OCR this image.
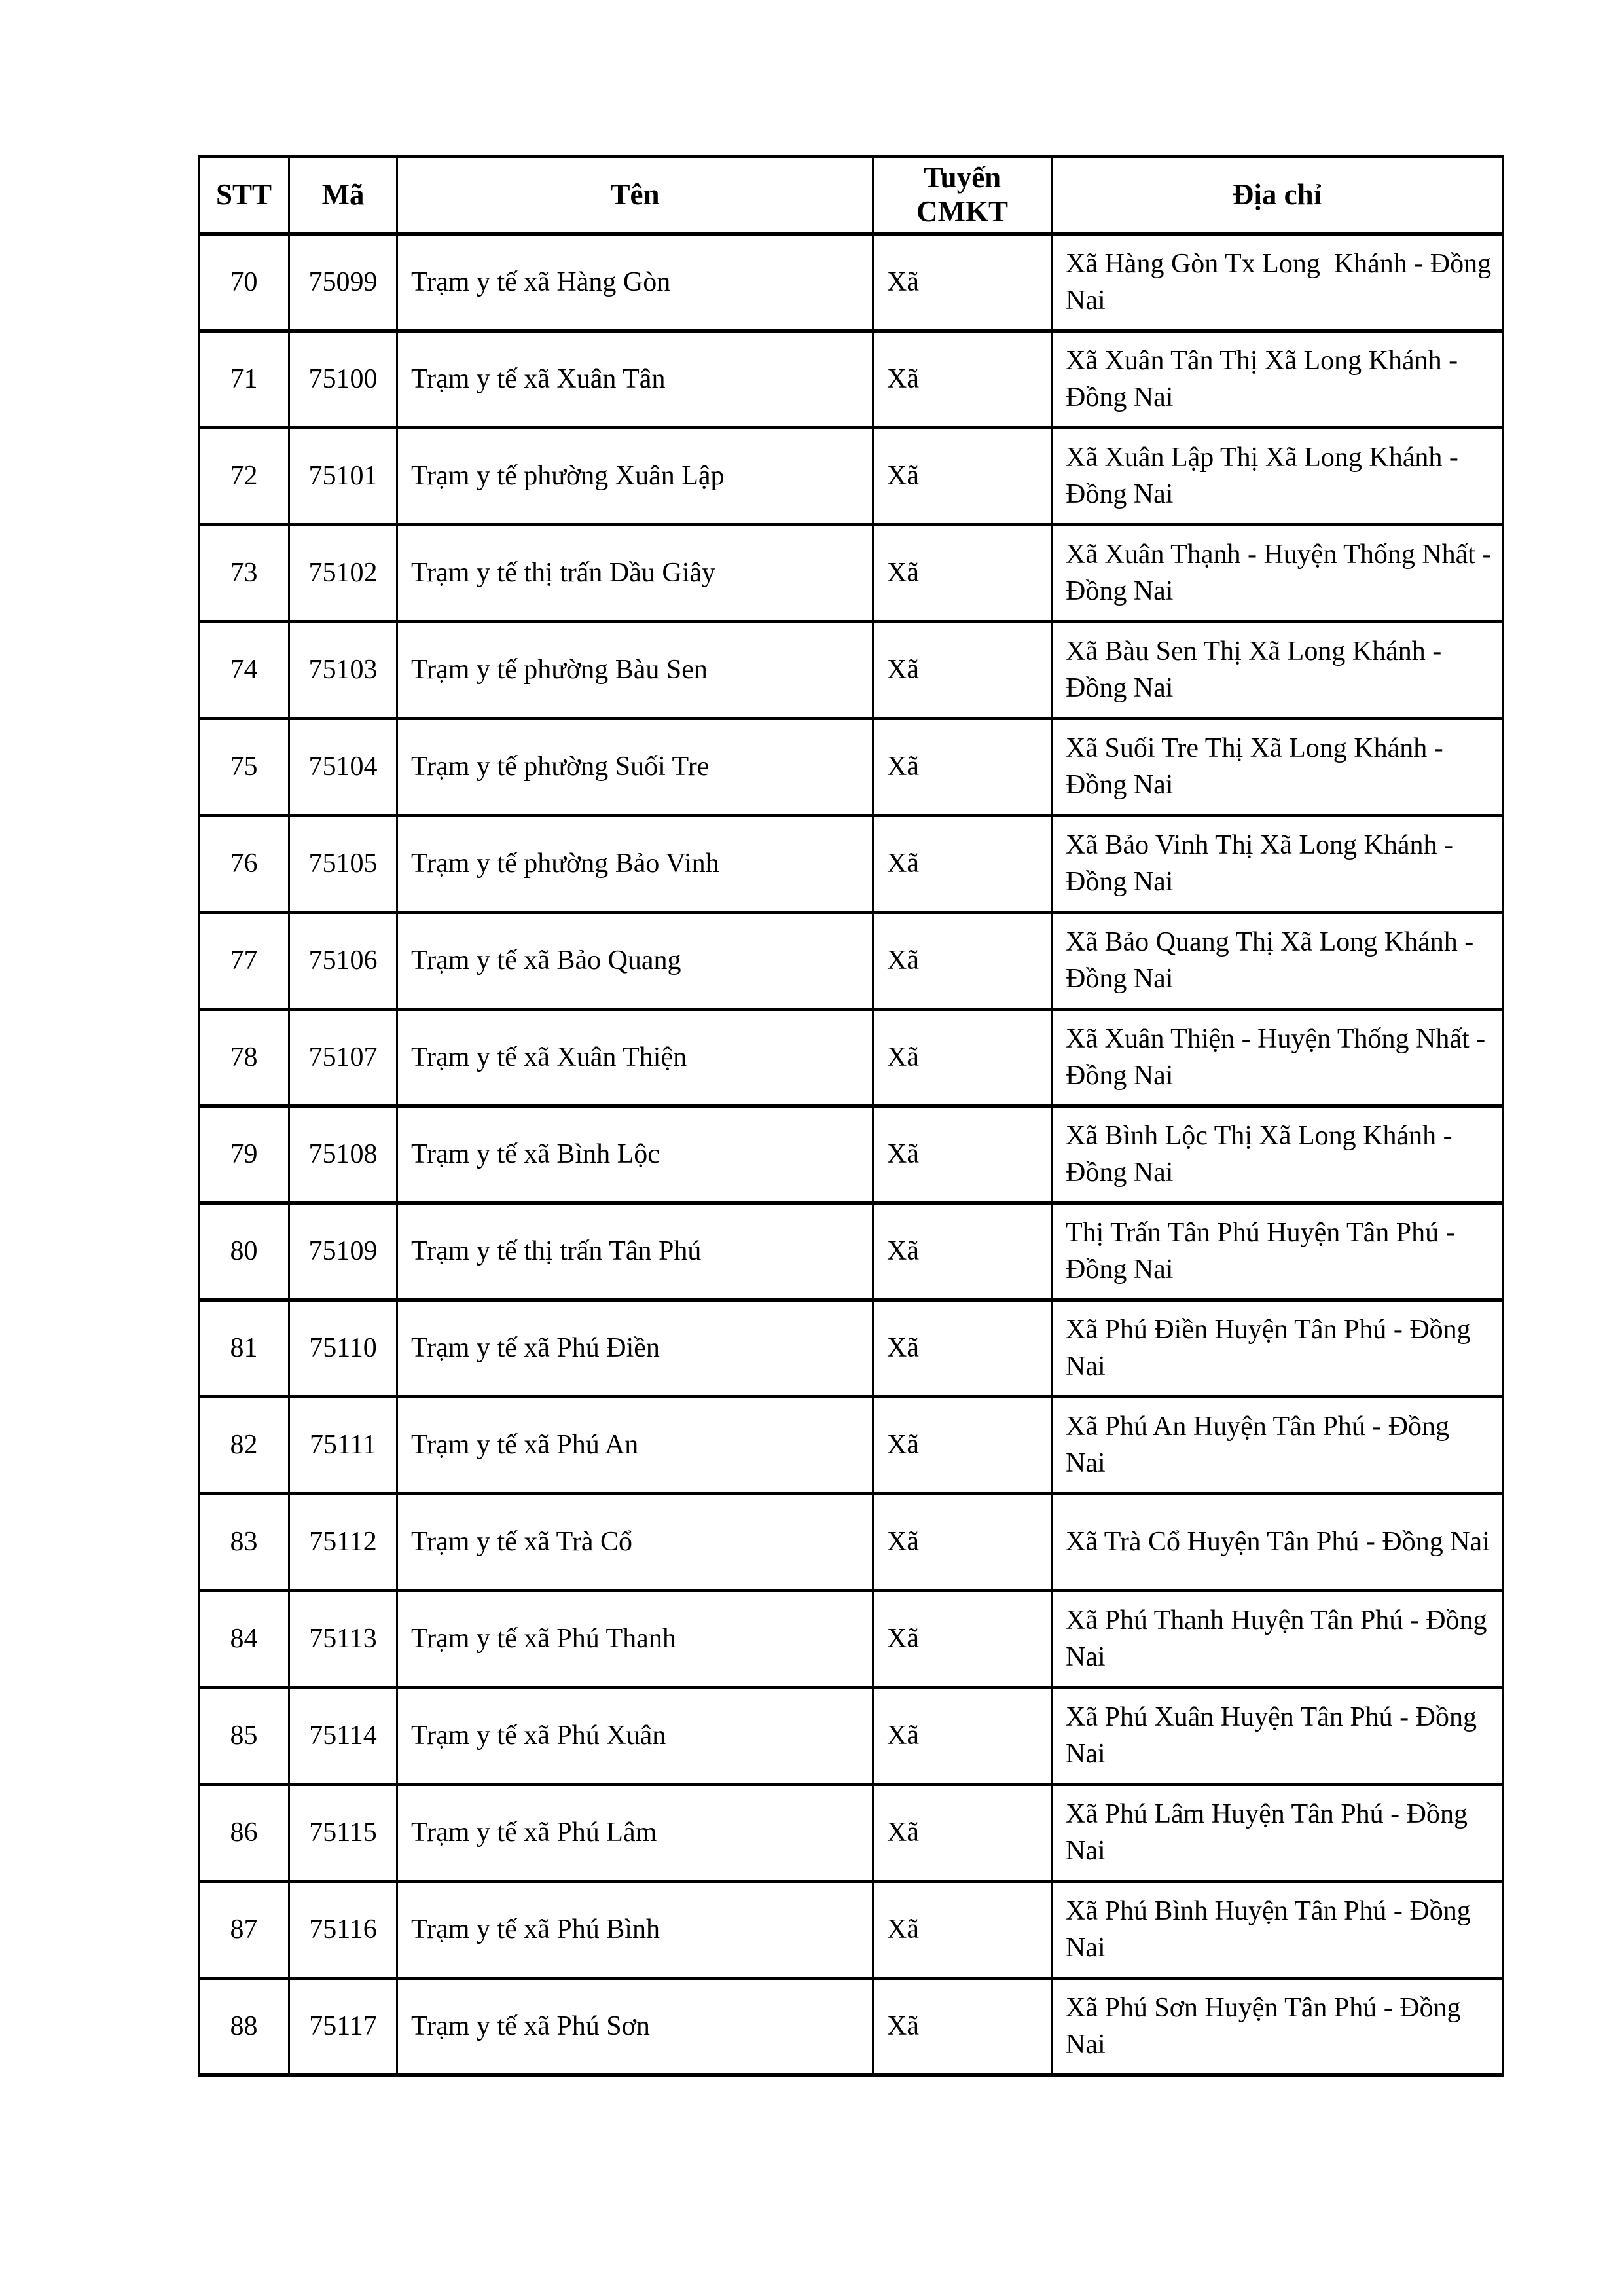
STT	Mã	Tên	Tuyến CMKT	Địa chỉ
70	75099	Trạm y tế xã Hàng Gòn	Xã	Xã Hàng Gòn Tx Long  Khánh - Đồng Nai
71	75100	Trạm y tế xã Xuân Tân	Xã	Xã Xuân Tân Thị Xã Long Khánh - Đồng Nai
72	75101	Trạm y tế phường Xuân Lập	Xã	Xã Xuân Lập Thị Xã Long Khánh - Đồng Nai
73	75102	Trạm y tế thị trấn Dầu Giây	Xã	Xã Xuân Thạnh - Huyện Thống Nhất - Đồng Nai
74	75103	Trạm y tế phường Bàu Sen	Xã	Xã Bàu Sen Thị Xã Long Khánh - Đồng Nai
75	75104	Trạm y tế phường Suối Tre	Xã	Xã Suối Tre Thị Xã Long Khánh - Đồng Nai
76	75105	Trạm y tế phường Bảo Vinh	Xã	Xã Bảo Vinh Thị Xã Long Khánh - Đồng Nai
77	75106	Trạm y tế xã Bảo Quang	Xã	Xã Bảo Quang Thị Xã Long Khánh - Đồng Nai
78	75107	Trạm y tế xã Xuân Thiện	Xã	Xã Xuân Thiện - Huyện Thống Nhất - Đồng Nai
79	75108	Trạm y tế xã Bình Lộc	Xã	Xã Bình Lộc Thị Xã Long Khánh - Đồng Nai
80	75109	Trạm y tế thị trấn Tân Phú	Xã	Thị Trấn Tân Phú Huyện Tân Phú - Đồng Nai
81	75110	Trạm y tế xã Phú Điền	Xã	Xã Phú Điền Huyện Tân Phú - Đồng Nai
82	75111	Trạm y tế xã Phú An	Xã	Xã Phú An Huyện Tân Phú - Đồng Nai
83	75112	Trạm y tế xã Trà Cổ	Xã	Xã Trà Cổ Huyện Tân Phú - Đồng Nai
84	75113	Trạm y tế xã Phú Thanh	Xã	Xã Phú Thanh Huyện Tân Phú - Đồng Nai
85	75114	Trạm y tế xã Phú Xuân	Xã	Xã Phú Xuân Huyện Tân Phú - Đồng Nai
86	75115	Trạm y tế xã Phú Lâm	Xã	Xã Phú Lâm Huyện Tân Phú - Đồng Nai
87	75116	Trạm y tế xã Phú Bình	Xã	Xã Phú Bình Huyện Tân Phú - Đồng Nai
88	75117	Trạm y tế xã Phú Sơn	Xã	Xã Phú Sơn Huyện Tân Phú - Đồng Nai
